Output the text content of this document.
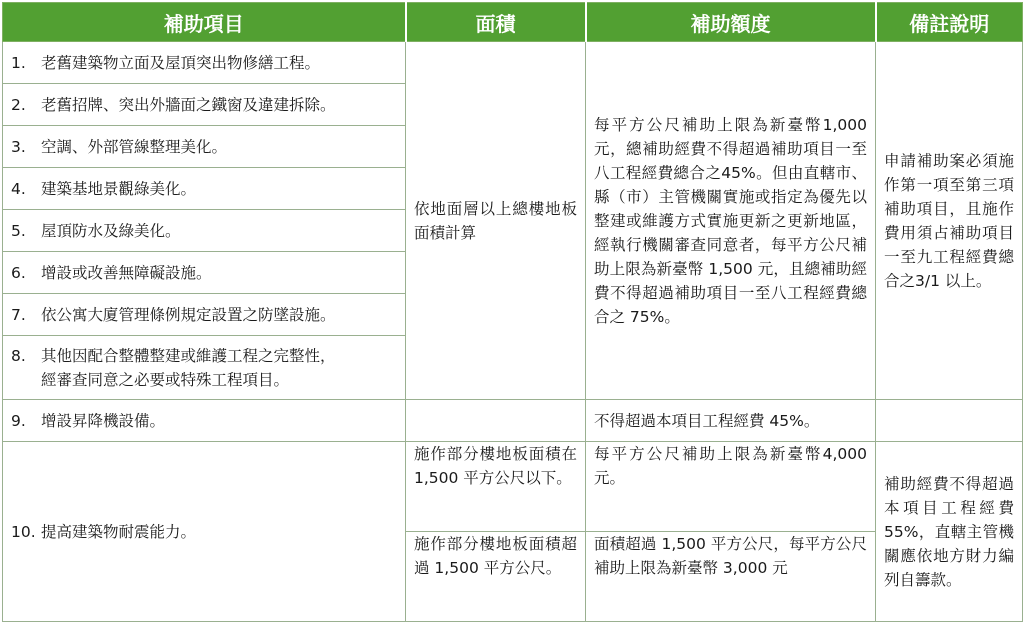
補助項目	面積	補助額度	備註說明
1. 老舊建築物立面及屋頂突出物修繕工程。	依地面層以上總樓地板面積計算	每平方公尺補助上限為新臺幣1,000 元，總補助經費不得超過補助項目一至八工程經費總合之45%。但由直轄市、縣（市）主管機關實施或指定為優先以整建或維護方式實施更新之更新地區，經執行機關審查同意者，每平方公尺補助上限為新臺幣 1,500 元，且總補助經費不得超過補助項目一至八工程經費總合之 75%。	申請補助案必須施作第一項至第三項補助項目，且施作費用須占補助項目一至九工程經費總合之3/1 以上。
2. 老舊招牌、突出外牆面之鐵窗及違建拆除。			
3. 空調、外部管線整理美化。			
4. 建築基地景觀綠美化。			
5. 屋頂防水及綠美化。			
6. 增設或改善無障礙設施。			
7. 依公寓大廈管理條例規定設置之防墜設施。			
8. 其他因配合整體整建或維護工程之完整性，
經審查同意之必要或特殊工程項目。			

9. 增設昇降機設備。		不得超過本項目工程經費 45%。	
10. 提高建築物耐震能力。	施作部分樓地板面積在 1,500 平方公尺以下。	每平方公尺補助上限為新臺幣4,000 元。	補助經費不得超過本項目工程經費 55%，直轄主管機關應依地方財力編列自籌款。
	施作部分樓地板面積超過 1,500 平方公尺。	面積超過 1,500 平方公尺，每平方公尺補助上限為新臺幣 3,000 元	
